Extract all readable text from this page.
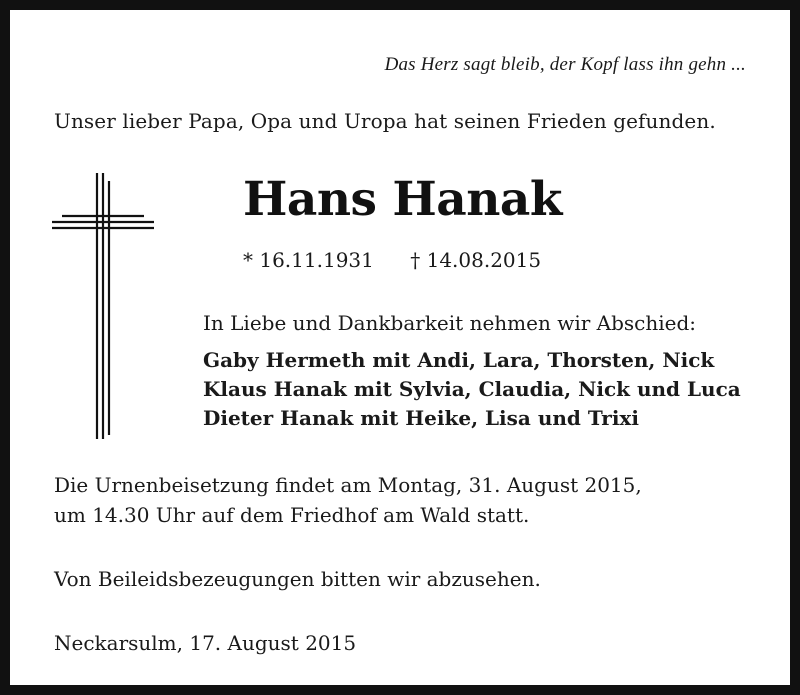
Das Herz sagt bleib, der Kopf lass ihn gehn ...
Unser lieber Papa, Opa und Uropa hat seinen Frieden gefunden.
Hans Hanak
* 16.11.1931 † 14.08.2015
In Liebe und Dankbarkeit nehmen wir Abschied:
Gaby Hermeth mit Andi, Lara, Thorsten, Nick
Klaus Hanak mit Sylvia, Claudia, Nick und Luca
Dieter Hanak mit Heike, Lisa und Trixi
Die Urnenbeisetzung findet am Montag, 31. August 2015,
um 14.30 Uhr auf dem Friedhof am Wald statt.
Von Beileidsbezeugungen bitten wir abzusehen.
Neckarsulm, 17. August 2015
